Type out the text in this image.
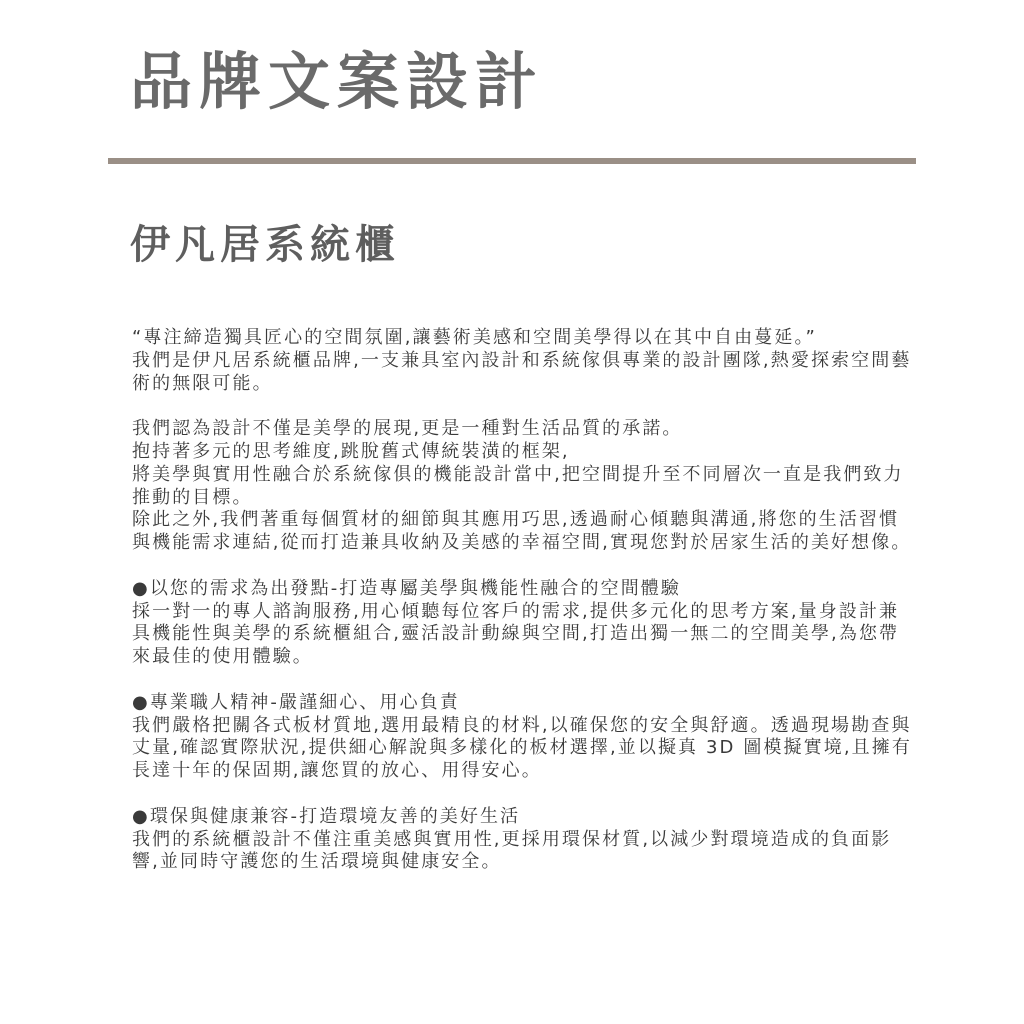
品牌文案設計
伊凡居系統櫃

“專注締造獨具匠心的空間氛圍,讓藝術美感和空間美學得以在其中自由蔓延。”

我們是伊凡居系統櫃品牌,一支兼具室內設計和系統傢俱專業的設計團隊,熱愛探索空間藝術的無限可能。

我們認為設計不僅是美學的展現,更是一種對生活品質的承諾。

抱持著多元的思考維度,跳脫舊式傳統裝潢的框架,

將美學與實用性融合於系統傢俱的機能設計當中,把空間提升至不同層次一直是我們致力推動的目標。

除此之外,我們著重每個質材的細節與其應用巧思,透過耐心傾聽與溝通,將您的生活習慣與機能需求連結,從而打造兼具收納及美感的幸福空間,實現您對於居家生活的美好想像。

●以您的需求為出發點-打造專屬美學與機能性融合的空間體驗

採一對一的專人諮詢服務,用心傾聽每位客戶的需求,提供多元化的思考方案,量身設計兼具機能性與美學的系統櫃組合,靈活設計動線與空間,打造出獨一無二的空間美學,為您帶來最佳的使用體驗。

●專業職人精神-嚴謹細心、用心負責

我們嚴格把關各式板材質地,選用最精良的材料,以確保您的安全與舒適。透過現場勘查與丈量,確認實際狀況,提供細心解說與多樣化的板材選擇,並以擬真 3D 圖模擬實境,且擁有長達十年的保固期,讓您買的放心、用得安心。

●環保與健康兼容-打造環境友善的美好生活

我們的系統櫃設計不僅注重美感與實用性,更採用環保材質,以減少對環境造成的負面影響,並同時守護您的生活環境與健康安全。
